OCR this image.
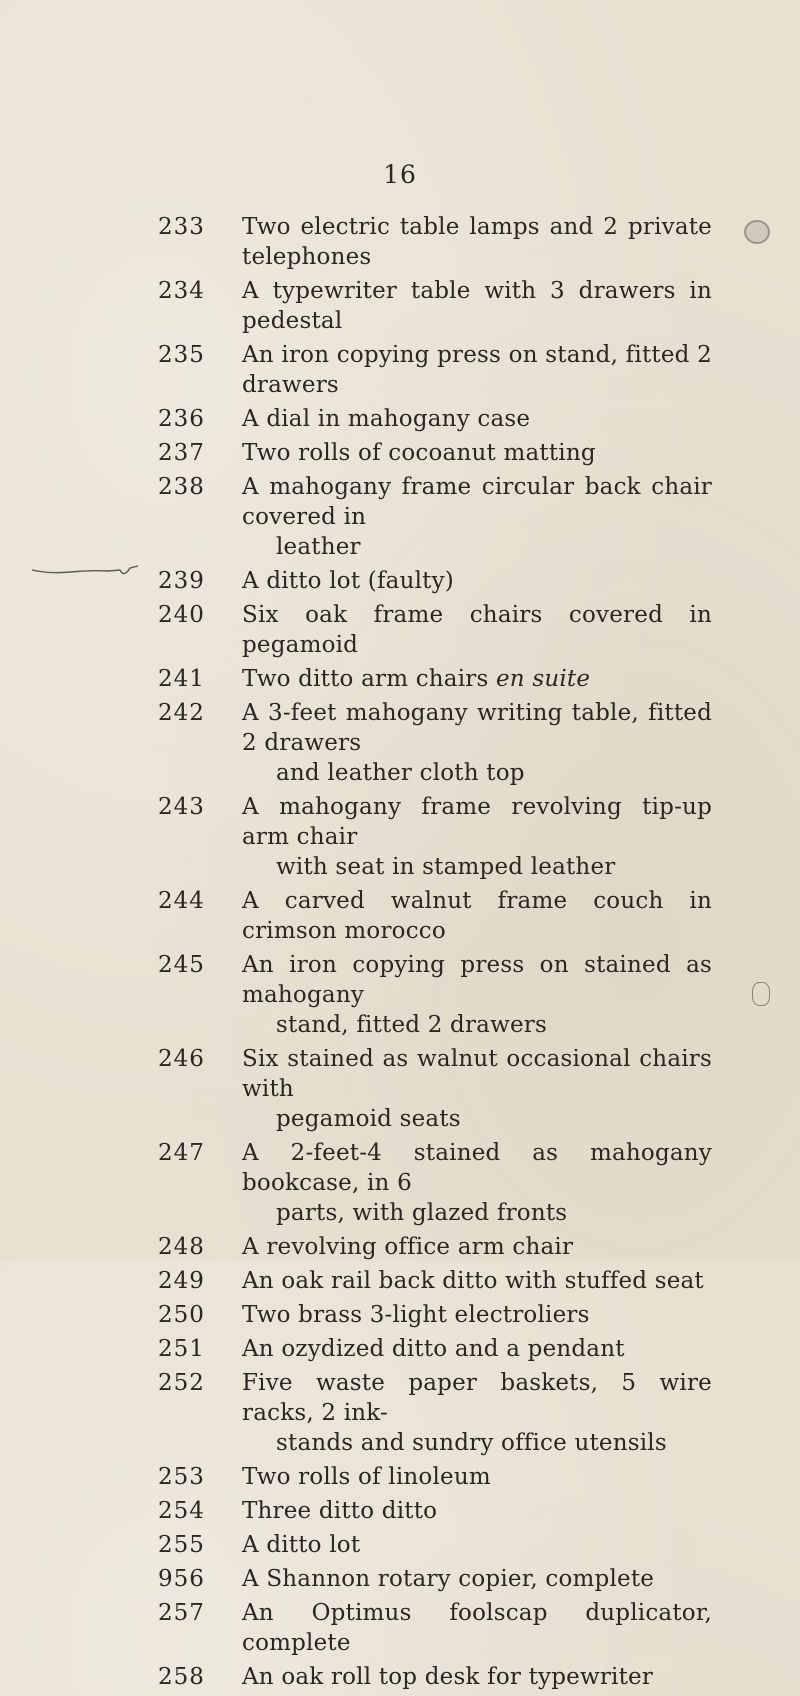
16
233	Two electric table lamps and 2 private telephones
234	A typewriter table with 3 drawers in pedestal
235	An iron copying press on stand, fitted 2 drawers
236	A dial in mahogany case
237	Two rolls of cocoanut matting
238	A mahogany frame circular back chair covered in
leather
239	A ditto lot (faulty)
240	Six oak frame chairs covered in pegamoid
241	Two ditto arm chairs en suite
242	A 3-feet mahogany writing table, fitted 2 drawers
and leather cloth top
243	A mahogany frame revolving tip-up arm chair
with seat in stamped leather
244	A carved walnut frame couch in crimson morocco
245	An iron copying press on stained as mahogany
stand, fitted 2 drawers
246	Six stained as walnut occasional chairs with
pegamoid seats
247	A 2-feet-4 stained as mahogany bookcase, in 6
parts, with glazed fronts
248	A revolving office arm chair
249	An oak rail back ditto with stuffed seat
250	Two brass 3-light electroliers
251	An ozydized ditto and a pendant
252	Five waste paper baskets, 5 wire racks, 2 ink-
stands and sundry office utensils
253	Two rolls of linoleum
254	Three ditto ditto
255	A ditto lot
956	A Shannon rotary copier, complete
257	An Optimus foolscap duplicator, complete
258	An oak roll top desk for typewriter
